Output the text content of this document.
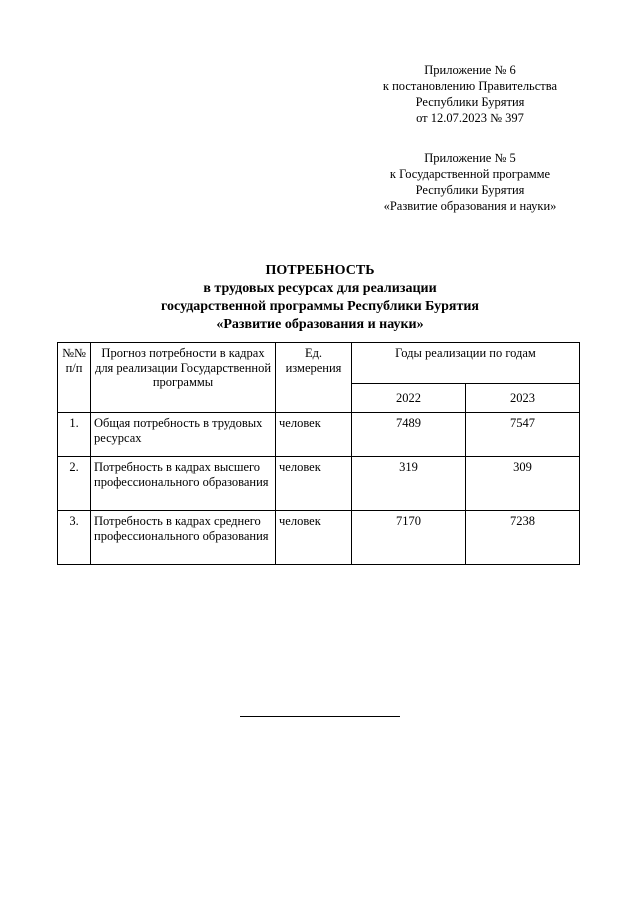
Приложение № 6
к постановлению Правительства
Республики Бурятия
от 12.07.2023 № 397
Приложение № 5
к Государственной программе
Республики Бурятия
«Развитие образования и науки»
ПОТРЕБНОСТЬ
в трудовых ресурсах для реализации
государственной программы Республики Бурятия
«Развитие образования и науки»
№№ п/п	Прогноз потребности в кадрах для реализации Государственной программы	Ед. измерения	Годы реализации по годам	
			2022	2023
1.	Общая потребность в трудовых ресурсах	человек	7489	7547
2.	Потребность в кадрах высшего профессионального образования	человек	319	309
3.	Потребность в кадрах среднего профессионального образования	человек	7170	7238
